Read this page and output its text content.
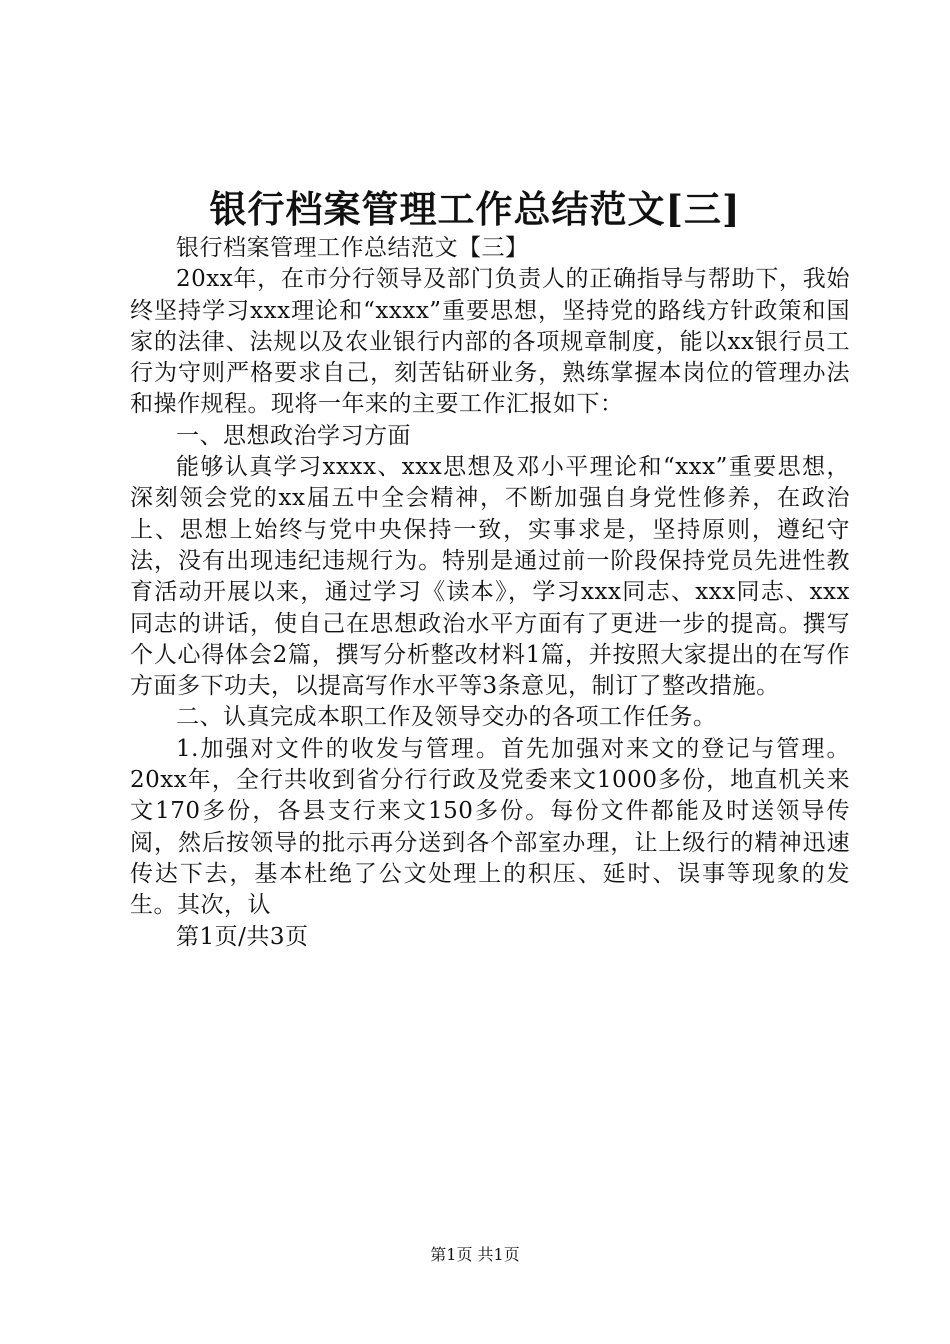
银行档案管理工作总结范文[三]

银行档案管理工作总结范文【三】

20xx年，在市分行领导及部门负责人的正确指导与帮助下，我始终坚持学习xxx理论和“xxxx”重要思想，坚持党的路线方针政策和国家的法律、法规以及农业银行内部的各项规章制度，能以xx银行员工行为守则严格要求自己，刻苦钻研业务，熟练掌握本岗位的管理办法和操作规程。现将一年来的主要工作汇报如下：

一、思想政治学习方面

能够认真学习xxxx、xxx思想及邓小平理论和“xxx”重要思想，深刻领会党的xx届五中全会精神，不断加强自身党性修养，在政治上、思想上始终与党中央保持一致，实事求是，坚持原则，遵纪守法，没有出现违纪违规行为。特别是通过前一阶段保持党员先进性教育活动开展以来，通过学习《读本》，学习xxx同志、xxx同志、xxx同志的讲话，使自己在思想政治水平方面有了更进一步的提高。撰写个人心得体会2篇，撰写分析整改材料1篇，并按照大家提出的在写作方面多下功夫，以提高写作水平等3条意见，制订了整改措施。

二、认真完成本职工作及领导交办的各项工作任务。

1.加强对文件的收发与管理。首先加强对来文的登记与管理。20xx年，全行共收到省分行行政及党委来文1000多份，地直机关来文170多份，各县支行来文150多份。每份文件都能及时送领导传阅，然后按领导的批示再分送到各个部室办理，让上级行的精神迅速传达下去，基本杜绝了公文处理上的积压、延时、误事等现象的发生。其次，认

第1页/共3页

第1页 共1页
